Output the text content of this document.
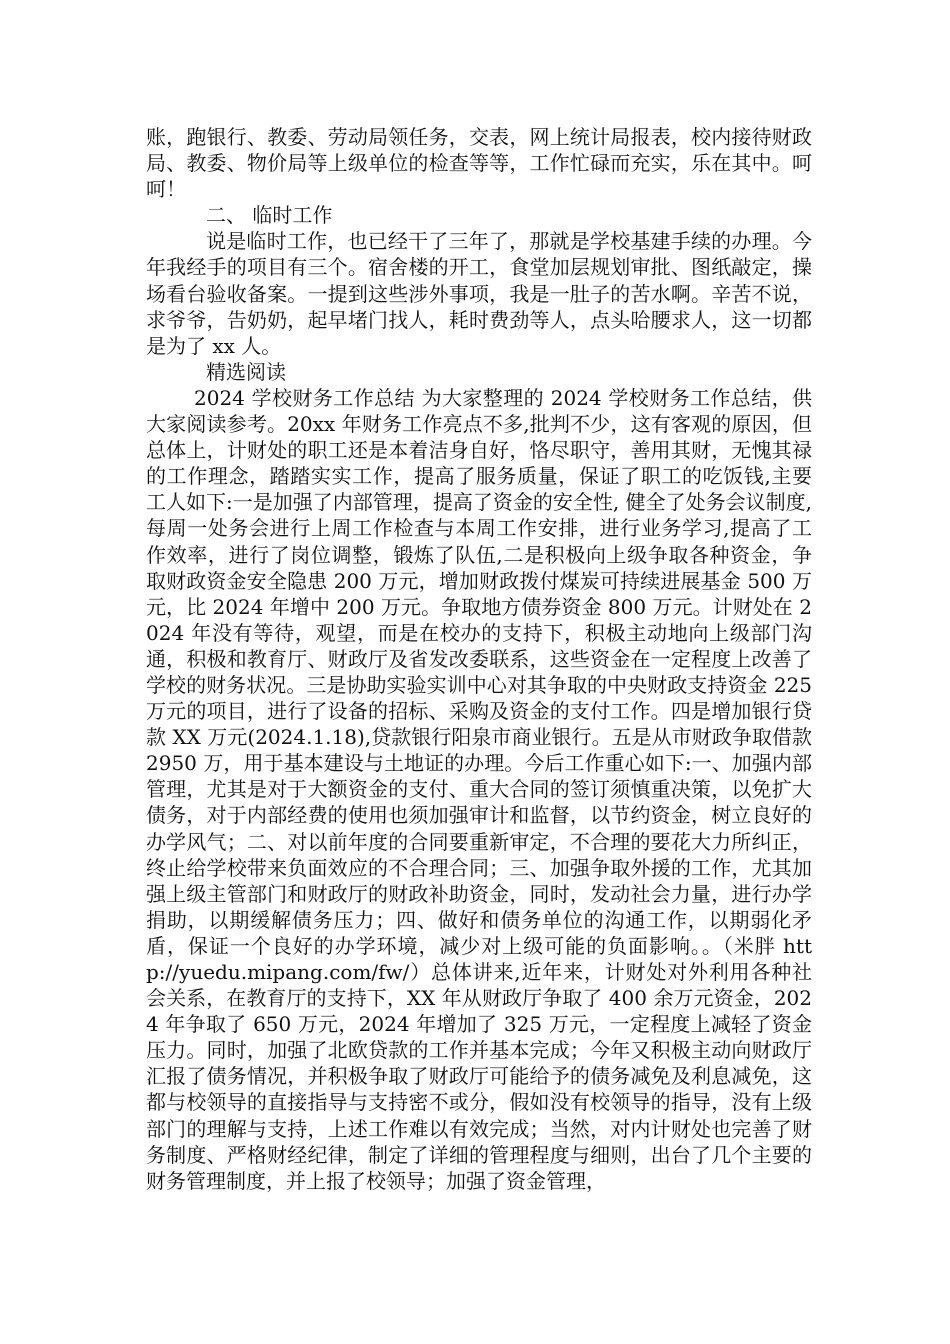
账，跑银行、教委、劳动局领任务，交表，网上统计局报表，校内接待财政局、教委、物价局等上级单位的检查等等，工作忙碌而充实，乐在其中。呵呵！

二、 临时工作

说是临时工作，也已经干了三年了，那就是学校基建手续的办理。今年我经手的项目有三个。宿舍楼的开工，食堂加层规划审批、图纸敲定，操场看台验收备案。一提到这些涉外事项，我是一肚子的苦水啊。辛苦不说，求爷爷，告奶奶，起早堵门找人，耗时费劲等人，点头哈腰求人，这一切都是为了 xx 人。

精选阅读

2024 学校财务工作总结 为大家整理的 2024 学校财务工作总结，供大家阅读参考。20xx 年财务工作亮点不多,批判不少，这有客观的原因，但总体上，计财处的职工还是本着洁身自好，恪尽职守，善用其财，无愧其禄的工作理念，踏踏实实工作，提高了服务质量，保证了职工的吃饭钱,主要工人如下:一是加强了内部管理，提高了资金的安全性, 健全了处务会议制度,每周一处务会进行上周工作检查与本周工作安排，进行业务学习,提高了工作效率，进行了岗位调整，锻炼了队伍,二是积极向上级争取各种资金，争取财政资金安全隐患 200 万元，增加财政拨付煤炭可持续进展基金 500 万元，比 2024 年增中 200 万元。争取地方债券资金 800 万元。计财处在 2024 年没有等待，观望，而是在校办的支持下，积极主动地向上级部门沟通，积极和教育厅、财政厅及省发改委联系，这些资金在一定程度上改善了学校的财务状况。三是协助实验实训中心对其争取的中央财政支持资金 225 万元的项目，进行了设备的招标、采购及资金的支付工作。四是增加银行贷款 XX 万元(2024.1.18),贷款银行阳泉市商业银行。五是从市财政争取借款 2950 万，用于基本建设与土地证的办理。今后工作重心如下:一、加强内部管理，尤其是对于大额资金的支付、重大合同的签订须慎重决策，以免扩大债务，对于内部经费的使用也须加强审计和监督，以节约资金，树立良好的办学风气；二、对以前年度的合同要重新审定，不合理的要花大力所纠正，终止给学校带来负面效应的不合理合同；三、加强争取外援的工作，尤其加强上级主管部门和财政厅的财政补助资金，同时，发动社会力量，进行办学捐助，以期缓解债务压力；四、做好和债务单位的沟通工作，以期弱化矛盾，保证一个良好的办学环境，减少对上级可能的负面影响。。（米胖 http://yuedu.mipang.com/fw/）总体讲来,近年来，计财处对外利用各种社会关系，在教育厅的支持下，XX 年从财政厅争取了 400 余万元资金，2024 年争取了 650 万元，2024 年增加了 325 万元，一定程度上减轻了资金压力。同时，加强了北欧贷款的工作并基本完成；今年又积极主动向财政厅汇报了债务情况，并积极争取了财政厅可能给予的债务减免及利息减免，这都与校领导的直接指导与支持密不或分，假如没有校领导的指导，没有上级部门的理解与支持，上述工作难以有效完成；当然，对内计财处也完善了财务制度、严格财经纪律，制定了详细的管理程度与细则，出台了几个主要的财务管理制度，并上报了校领导；加强了资金管理，
